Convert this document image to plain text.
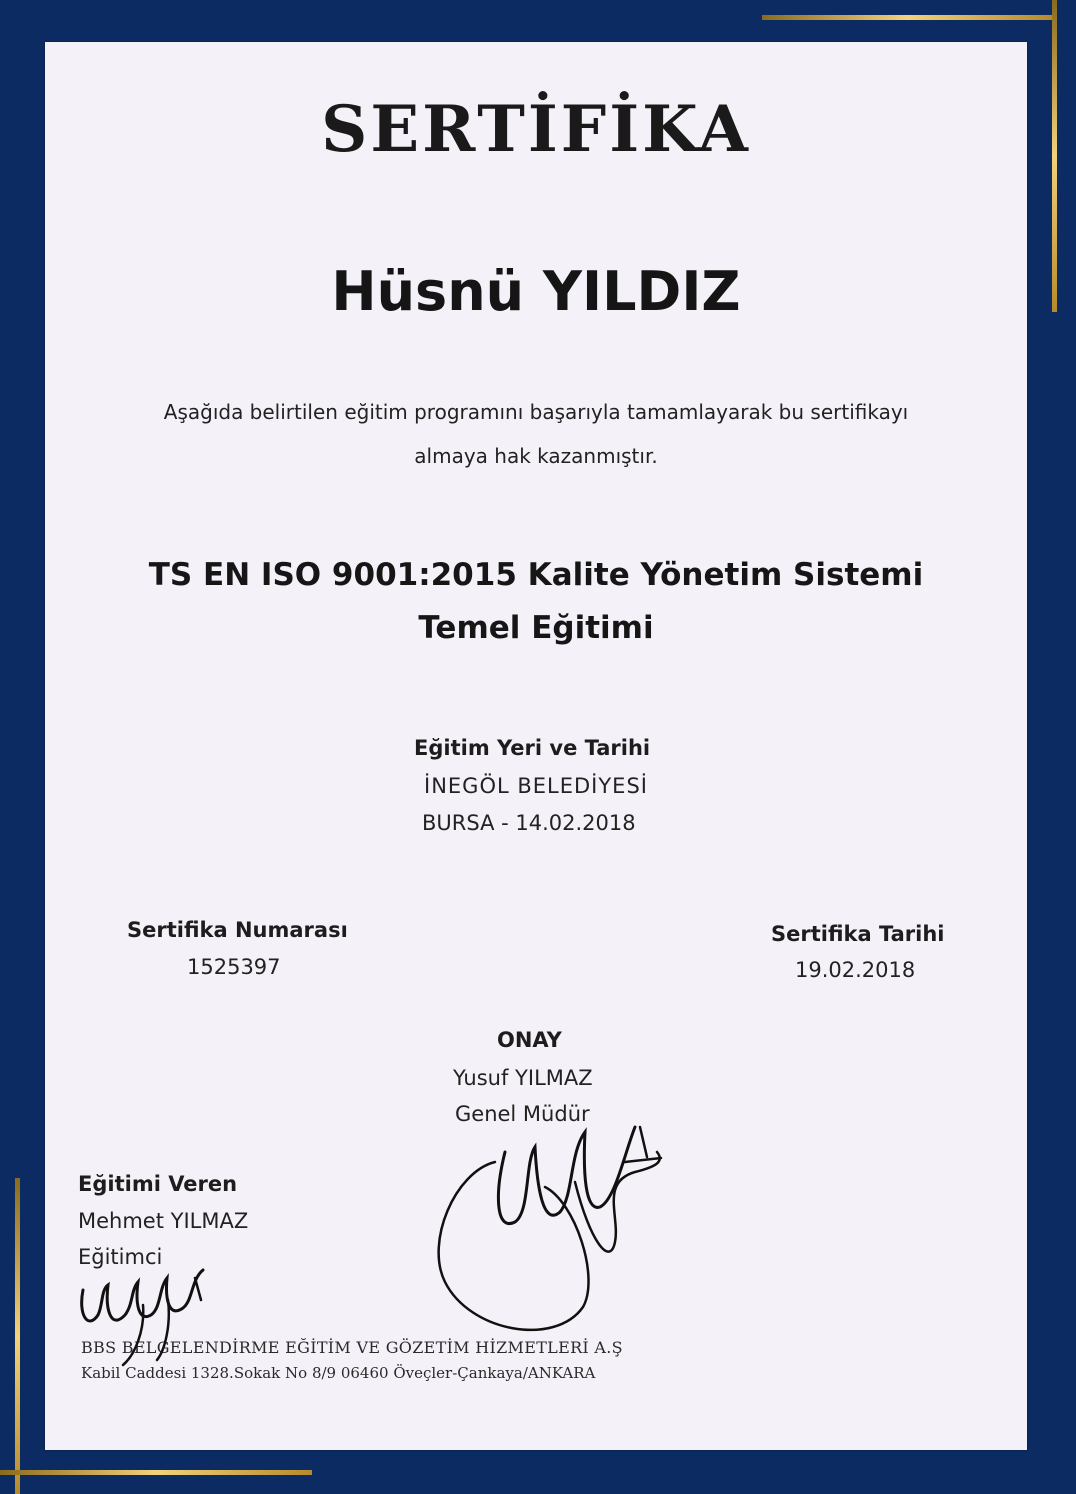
SERTİFİKA
Hüsnü YILDIZ
Aşağıda belirtilen eğitim programını başarıyla tamamlayarak bu sertifikayı
almaya hak kazanmıştır.
TS EN ISO 9001:2015 Kalite Yönetim Sistemi
Temel Eğitimi
Eğitim Yeri ve Tarihi
İNEGÖL BELEDİYESİ
BURSA - 14.02.2018
Sertifika Numarası
1525397
Sertifika Tarihi
19.02.2018
ONAY
Yusuf YILMAZ
Genel Müdür
Eğitimi Veren
Mehmet YILMAZ
Eğitimci
BBS BELGELENDİRME EĞİTİM VE GÖZETİM HİZMETLERİ A.Ş
Kabil Caddesi 1328.Sokak No 8/9 06460 Öveçler-Çankaya/ANKARA
